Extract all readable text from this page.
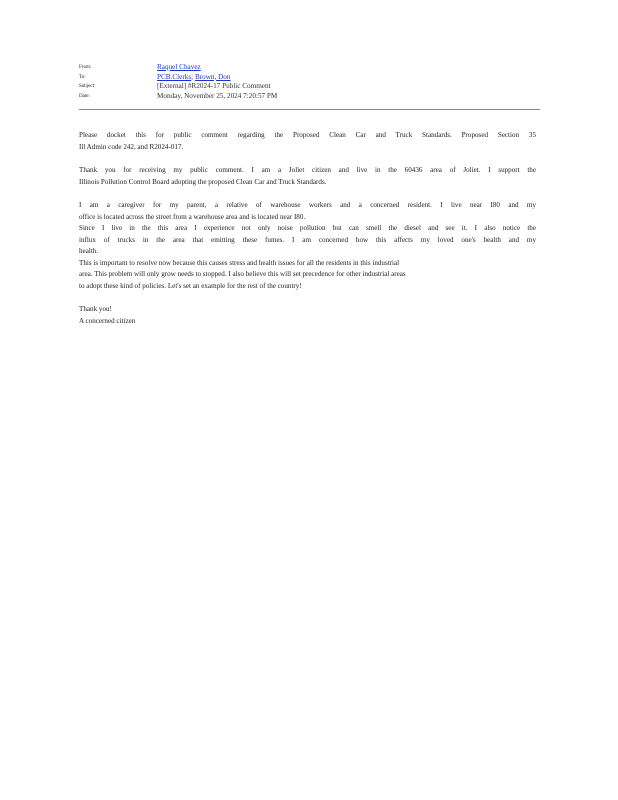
From:	Raquel Chavez
To:	PCB.Clerks; Brown, Don
Subject:	[External] #R2024-17 Public Comment
Date:	Monday, November 25, 2024 7:20:57 PM
Please docket this for public comment regarding the Proposed Clean Car and Truck Standards. Proposed Section 35
Ill Admin code 242, and R2024-017.
Thank you for receiving my public comment. I am a Joliet citizen and live in the 60436 area of Joliet. I support the
Illinois Pollution Control Board adopting the proposed Clean Car and Truck Standards.
I am a caregiver for my parent, a relative of warehouse workers and a concerned resident. I live near I80 and my
office is located across the street from a warehouse area and is located near I80.
Since I live in the this area I experience not only noise pollution but can smell the diesel and see it. I also notice the
influx of trucks in the area that emitting these fumes. I am concerned how this affects my loved one's health and my
health.
This is important to resolve now because this causes stress and health issues for all the residents in this industrial
area. This problem will only grow needs to stopped. I also believe this will set precedence for other industrial areas
to adopt these kind of policies. Let's set an example for the rest of the country!
Thank you!
A concerned citizen
